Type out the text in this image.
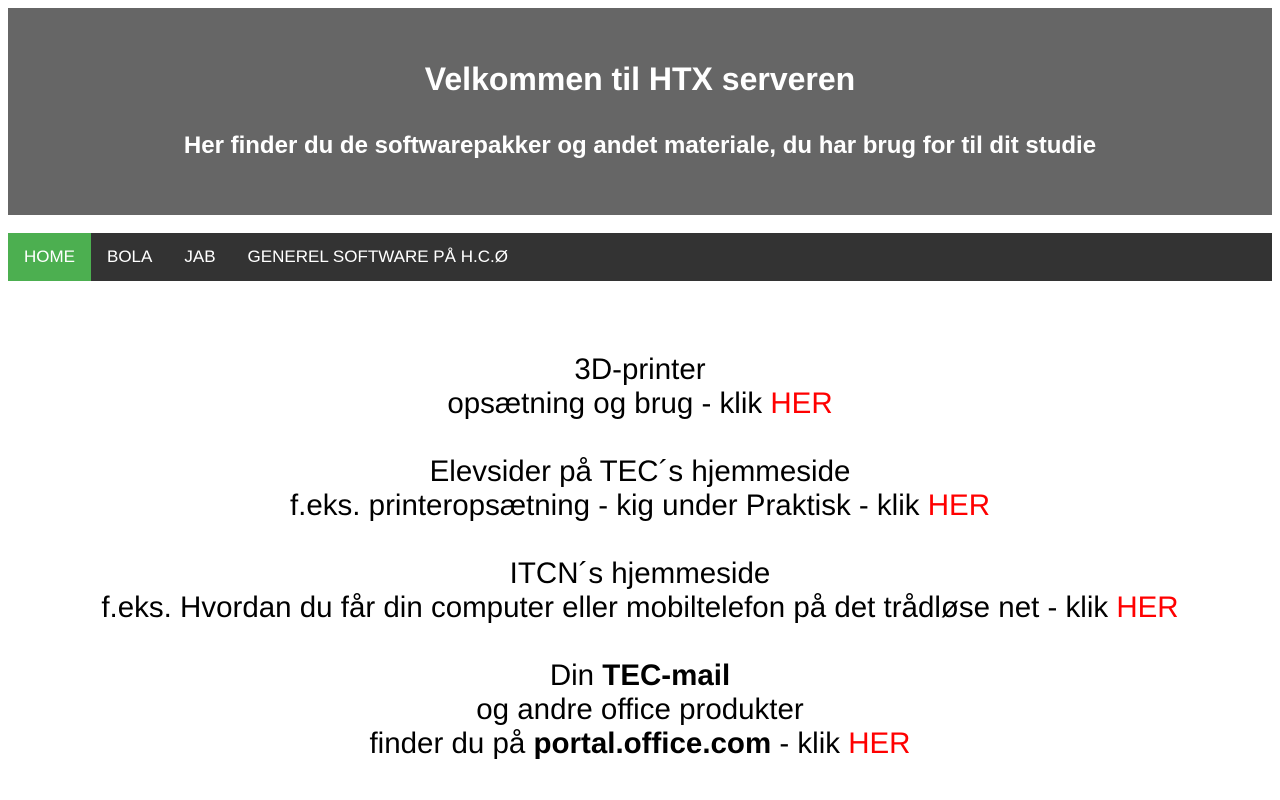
Velkommen til HTX serveren
Her finder du de softwarepakker og andet materiale, du har brug for til dit studie
HOME	BOLA	JAB	GENEREL SOFTWARE PÅ H.C.Ø
3D-printer
opsætning og brug - klik HER
Elevsider på TEC´s hjemmeside
f.eks. printeropsætning - kig under Praktisk - klik HER
ITCN´s hjemmeside
f.eks. Hvordan du får din computer eller mobiltelefon på det trådløse net - klik HER
Din TEC-mail
og andre office produkter
finder du på portal.office.com - klik HER
